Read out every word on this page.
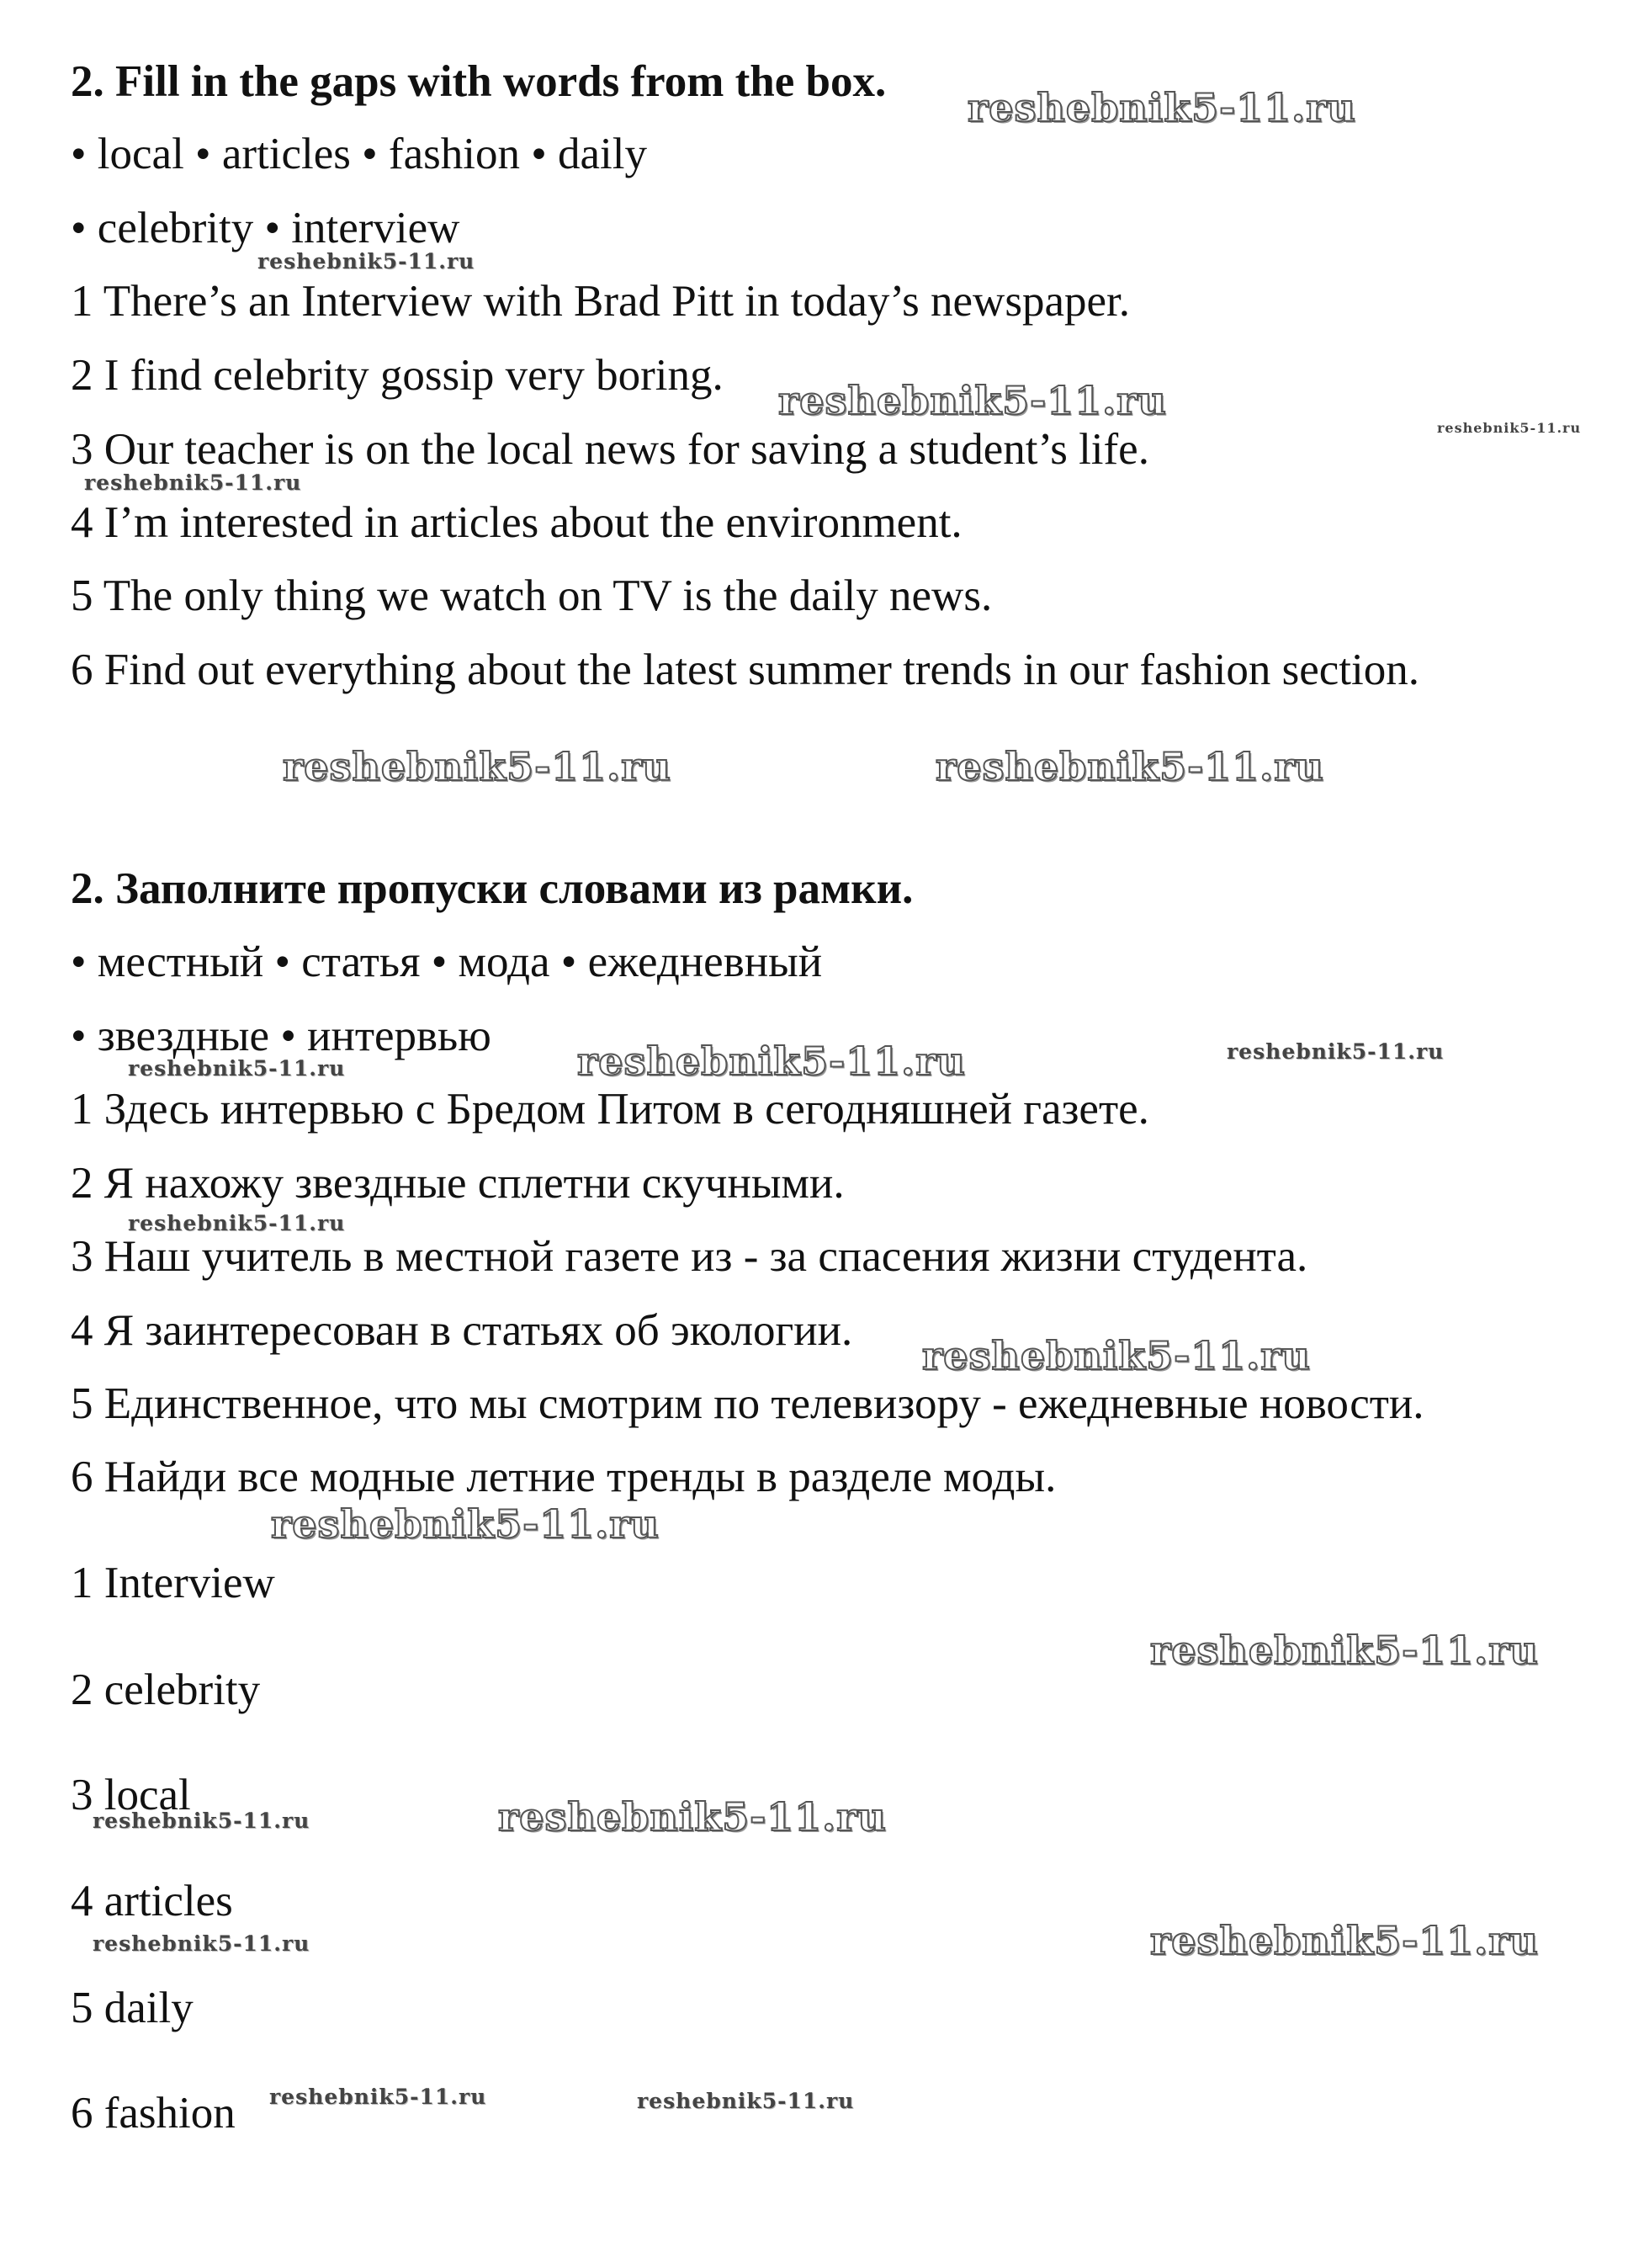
2. Fill in the gaps with words from the box.
• local • articles • fashion • daily
• celebrity • interview
1 There’s an Interview with Brad Pitt in today’s newspaper.
2 I find celebrity gossip very boring.
3 Our teacher is on the local news for saving a student’s life.
4 I’m interested in articles about the environment.
5 The only thing we watch on TV is the daily news.
6 Find out everything about the latest summer trends in our fashion section.
2. Заполните пропуски словами из рамки.
• местный • статья • мода • ежедневный
• звездные • интервью
1 Здесь интервью с Бредом Питом в сегодняшней газете.
2 Я нахожу звездные сплетни скучными.
3 Наш учитель в местной газете из - за спасения жизни студента.
4 Я заинтересован в статьях об экологии.
5 Единственное, что мы смотрим по телевизору - ежедневные новости.
6 Найди все модные летние тренды в разделе моды.
1 Interview
2 celebrity
3 local
4 articles
5 daily
6 fashion
reshebnik5-11.ru
reshebnik5-11.ru
reshebnik5-11.ru
reshebnik5-11.ru
reshebnik5-11.ru
reshebnik5-11.ru	reshebnik5-11.ru
reshebnik5-11.ru	reshebnik5-11.ru
reshebnik5-11.ru
reshebnik5-11.ru
reshebnik5-11.ru
reshebnik5-11.ru
reshebnik5-11.ru
reshebnik5-11.ru
reshebnik5-11.ru
reshebnik5-11.ru
reshebnik5-11.ru
reshebnik5-11.ru	reshebnik5-11.ru
